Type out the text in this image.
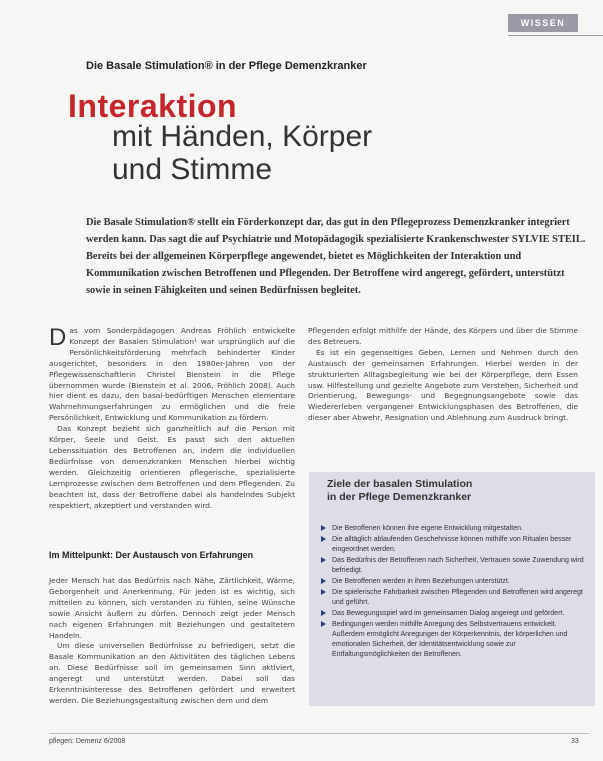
WISSEN
Die Basale Stimulation® in der Pflege Demenzkranker
Interaktion
mit Händen, Körper
und Stimme
Die Basale Stimulation® stellt ein Förderkonzept dar, das gut in den Pflegeprozess Demenzkranker integriert werden kann. Das sagt die auf Psychiatrie und Motopädagogik spezialisierte Krankenschwester SYLVIE STEIL. Bereits bei der allgemeinen Körperpflege angewendet, bietet es Möglichkeiten der Interaktion und Kommunikation zwischen Betroffenen und Pflegenden. Der Betroffene wird angeregt, gefördert, unterstützt sowie in seinen Fähigkeiten und seinen Bedürfnissen begleitet.

Das vom Sonderpädagogen Andreas Fröhlich entwickelte Konzept der Basalen Stimulation¹ war ursprünglich auf die Persönlichkeitsförderung mehrfach behinderter Kinder ausgerichtet, besonders in den 1980er-Jahren von der Pflegewissenschaftlerin Christel Bienstein in die Pflege übernommen wurde (Bienstein et al. 2006, Fröhlich 2008). Auch hier dient es dazu, den basal-bedürftigen Menschen elementare Wahrnehmungserfahrungen zu ermöglichen und die freie Persönlichkeit, Entwicklung und Kommunikation zu fördern.

Das Konzept bezieht sich ganzheitlich auf die Person mit Körper, Seele und Geist. Es passt sich den aktuellen Lebenssituation des Betroffenen an, indem die individuellen Bedürfnisse von demenzkranken Menschen hierbei wichtig werden. Gleichzeitig orientieren pflegerische, spezialisierte Lernprozesse zwischen dem Betroffenen und dem Pflegenden. Zu beachten ist, dass der Betroffene dabei als handelndes Subjekt respektiert, akzeptiert und verstanden wird.

Im Mittelpunkt: Der Austausch von Erfahrungen

Jeder Mensch hat das Bedürfnis nach Nähe, Zärtlichkeit, Wärme, Geborgenheit und Anerkennung. Für jeden ist es wichtig, sich mitteilen zu können, sich verstanden zu fühlen, seine Wünsche sowie Ansicht äußern zu dürfen. Dennoch zeigt jeder Mensch nach eigenen Erfahrungen mit Beziehungen und gestaltetem Handeln.

Um diese universellen Bedürfnisse zu befriedigen, setzt die Basale Kommunikation an den Aktivitäten des täglichen Lebens an. Diese Bedürfnisse soll im gemeinsamen Sinn aktiviert, angeregt und unterstützt werden. Dabei soll das Erkenntnisinteresse des Betroffenen gefördert und erweitert werden. Die Beziehungsgestaltung zwischen dem und dem

Pflegenden erfolgt mithilfe der Hände, des Körpers und über die Stimme des Betreuers.

Es ist ein gegenseitiges Geben, Lernen und Nehmen durch den Austausch der gemeinsamen Erfahrungen. Hierbei werden in der strukturierten Alltagsbegleitung wie bei der Körperpflege, dem Essen usw. Hilfestellung und gezielte Angebote zum Verstehen, Sicherheit und Orientierung, Bewegungs- und Begegnungsangebote sowie das Wiedererleben vergangener Entwicklungsphasen des Betroffenen, die dieser aber Abwehr, Resignation und Ablehnung zum Ausdruck bringt.

Ziele der basalen Stimulation
in der Pflege Demenzkranker
Die Betroffenen können ihre eigene Entwicklung mitgestalten.
Die alltäglich ablaufenden Geschehnisse können mithilfe von Ritualen besser eingeordnet werden.
Das Bedürfnis der Betroffenen nach Sicherheit, Vertrauen sowie Zuwendung wird befriedigt.
Die Betroffenen werden in ihren Beziehungen unterstützt.
Die spielerische Fahrbarkeit zwischen Pflegenden und Betroffenen wird angeregt und geführt.
Das Bewegungsspiel wird im gemeinsamen Dialog angeregt und gefördert.
Bedingungen werden mithilfe Anregung des Selbstvertrauens entwickelt. Außerdem ermöglicht Anregungen der Körperkenntnis, der körperlichen und emotionalen Sicherheit, der Identitätsentwicklung sowie zur Entfaltungsmöglichkeiten der Betroffenen.
pflegen: Demenz 6/2008	33
